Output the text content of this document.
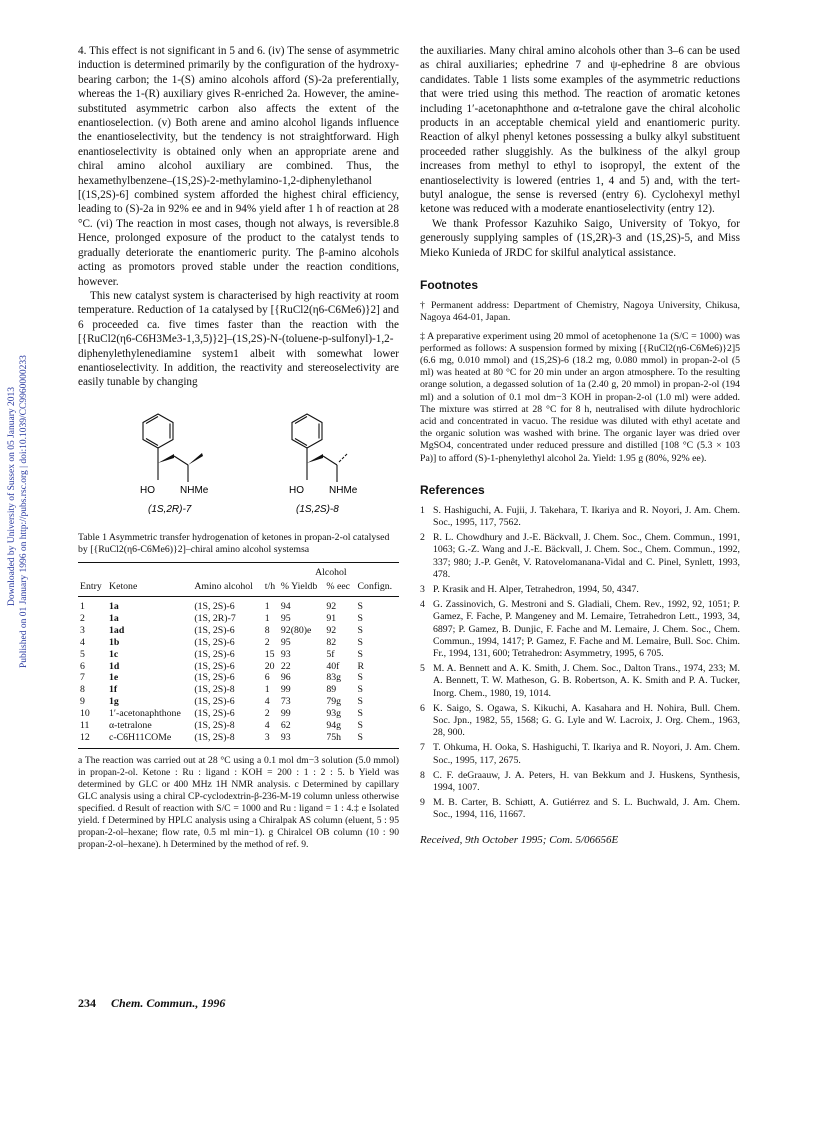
Downloaded by University of Sussex on 05 January 2013 Published on 01 January 1996 on http://pubs.rsc.org | doi:10.1039/CC9960000233

4. This effect is not significant in 5 and 6. (iv) The sense of asymmetric induction is determined primarily by the configuration of the hydroxy-bearing carbon; the 1-(S) amino alcohols afford (S)-2a preferentially, whereas the 1-(R) auxiliary gives R-enriched 2a. However, the amine-substituted asymmetric carbon also affects the extent of the enantioselection. (v) Both arene and amino alcohol ligands influence the enantioselectivity, but the tendency is not straightforward. High enantioselectivity is obtained only when an appropriate arene and chiral amino alcohol auxiliary are combined. Thus, the hexamethylbenzene–(1S,2S)-2-methylamino-1,2-diphenylethanol [(1S,2S)-6] combined system afforded the highest chiral efficiency, leading to (S)-2a in 92% ee and in 94% yield after 1 h of reaction at 28 °C. (vi) The reaction in most cases, though not always, is reversible.8 Hence, prolonged exposure of the product to the catalyst tends to gradually deteriorate the enantiomeric purity. The β-amino alcohols acting as promotors proved stable under the reaction conditions, however.

This new catalyst system is characterised by high reactivity at room temperature. Reduction of 1a catalysed by [{RuCl2(η6-C6Me6)}2] and 6 proceeded ca. five times faster than the reaction with the [{RuCl2(η6-C6H3Me3-1,3,5)}2]–(1S,2S)-N-(toluene-p-sulfonyl)-1,2-diphenylethylenediamine system1 albeit with somewhat lower enantioselectivity. In addition, the reactivity and stereoselectivity are easily tunable by changing

HO	NHMe
(1S,2R)-7
HO	NHMe
(1S,2S)-8
Table 1 Asymmetric transfer hydrogenation of ketones in propan-2-ol catalysed by [{RuCl2(η6-C6Me6)}2]–chiral amino alcohol systemsa
			Alcohol			
Entry	Ketone	Amino alcohol	t/h	% Yieldb	% eec	Confign.
1	1a	(1S, 2S)-6	1	94	92	S
2	1a	(1S, 2R)-7	1	95	91	S
3	1ad	(1S, 2S)-6	8	92(80)e	92	S
4	1b	(1S, 2S)-6	2	95	82	S
5	1c	(1S, 2S)-6	15	93	5f	S
6	1d	(1S, 2S)-6	20	22	40f	R
7	1e	(1S, 2S)-6	6	96	83g	S
8	1f	(1S, 2S)-8	1	99	89	S
9	1g	(1S, 2S)-6	4	73	79g	S
10	1′-acetonaphthone	(1S, 2S)-6	2	99	93g	S
11	α-tetralone	(1S, 2S)-8	4	62	94g	S
12	c-C6H11COMe	(1S, 2S)-8	3	93	75h	S
a The reaction was carried out at 28 °C using a 0.1 mol dm−3 solution (5.0 mmol) in propan-2-ol. Ketone : Ru : ligand : KOH = 200 : 1 : 2 : 5. b Yield was determined by GLC or 400 MHz 1H NMR analysis. c Determined by capillary GLC analysis using a chiral CP-cyclodextrin-β-236-M-19 column unless otherwise specified. d Result of reaction with S/C = 1000 and Ru : ligand = 1 : 4.‡ e Isolated yield. f Determined by HPLC analysis using a Chiralpak AS column (eluent, 5 : 95 propan-2-ol–hexane; flow rate, 0.5 ml min−1). g Chiralcel OB column (10 : 90 propan-2-ol–hexane). h Determined by the method of ref. 9.

the auxiliaries. Many chiral amino alcohols other than 3–6 can be used as chiral auxiliaries; ephedrine 7 and ψ-ephedrine 8 are obvious candidates. Table 1 lists some examples of the asymmetric reductions that were tried using this method. The reaction of aromatic ketones including 1′-acetonaphthone and α-tetralone gave the chiral alcoholic products in an acceptable chemical yield and enantiomeric purity. Reaction of alkyl phenyl ketones possessing a bulky alkyl substituent proceeded rather sluggishly. As the bulkiness of the alkyl group increases from methyl to ethyl to isopropyl, the extent of the enantioselectivity is lowered (entries 1, 4 and 5) and, with the tert-butyl analogue, the sense is reversed (entry 6). Cyclohexyl methyl ketone was reduced with a moderate enantioselectivity (entry 12).

We thank Professor Kazuhiko Saigo, University of Tokyo, for generously supplying samples of (1S,2R)-3 and (1S,2S)-5, and Miss Mieko Kunieda of JRDC for skilful analytical assistance.

Footnotes

† Permanent address: Department of Chemistry, Nagoya University, Chikusa, Nagoya 464-01, Japan.

‡ A preparative experiment using 20 mmol of acetophenone 1a (S/C = 1000) was performed as follows: A suspension formed by mixing [{RuCl2(η6-C6Me6)}2]5 (6.6 mg, 0.010 mmol) and (1S,2S)-6 (18.2 mg, 0.080 mmol) in propan-2-ol (5 ml) was heated at 80 °C for 20 min under an argon atmosphere. To the resulting orange solution, a degassed solution of 1a (2.40 g, 20 mmol) in propan-2-ol (194 ml) and a solution of 0.1 mol dm−3 KOH in propan-2-ol (1.0 ml) were added. The mixture was stirred at 28 °C for 8 h, neutralised with dilute hydrochloric acid and concentrated in vacuo. The residue was diluted with ethyl acetate and the organic solution was washed with brine. The organic layer was dried over MgSO4, concentrated under reduced pressure and distilled [108 °C (5.3 × 103 Pa)] to afford (S)-1-phenylethyl alcohol 2a. Yield: 1.95 g (80%, 92% ee).

References
1 S. Hashiguchi, A. Fujii, J. Takehara, T. Ikariya and R. Noyori, J. Am. Chem. Soc., 1995, 117, 7562.
2 R. L. Chowdhury and J.-E. Bäckvall, J. Chem. Soc., Chem. Commun., 1991, 1063; G.-Z. Wang and J.-E. Bäckvall, J. Chem. Soc., Chem. Commun., 1992, 337; 980; J.-P. Genêt, V. Ratovelomanana-Vidal and C. Pinel, Synlett, 1993, 478.
3 P. Krasik and H. Alper, Tetrahedron, 1994, 50, 4347.
4 G. Zassinovich, G. Mestroni and S. Gladiali, Chem. Rev., 1992, 92, 1051; P. Gamez, F. Fache, P. Mangeney and M. Lemaire, Tetrahedron Lett., 1993, 34, 6897; P. Gamez, B. Dunjic, F. Fache and M. Lemaire, J. Chem. Soc., Chem. Commun., 1994, 1417; P. Gamez, F. Fache and M. Lemaire, Bull. Soc. Chim. Fr., 1994, 131, 600; Tetrahedron: Asymmetry, 1995, 6 705.
5 M. A. Bennett and A. K. Smith, J. Chem. Soc., Dalton Trans., 1974, 233; M. A. Bennett, T. W. Matheson, G. B. Robertson, A. K. Smith and P. A. Tucker, Inorg. Chem., 1980, 19, 1014.
6 K. Saigo, S. Ogawa, S. Kikuchi, A. Kasahara and H. Nohira, Bull. Chem. Soc. Jpn., 1982, 55, 1568; G. G. Lyle and W. Lacroix, J. Org. Chem., 1963, 28, 900.
7 T. Ohkuma, H. Ooka, S. Hashiguchi, T. Ikariya and R. Noyori, J. Am. Chem. Soc., 1995, 117, 2675.
8 C. F. deGraauw, J. A. Peters, H. van Bekkum and J. Huskens, Synthesis, 1994, 1007.
9 M. B. Carter, B. Schiøtt, A. Gutiérrez and S. L. Buchwald, J. Am. Chem. Soc., 1994, 116, 11667.
Received, 9th October 1995; Com. 5/06656E
234 Chem. Commun., 1996
